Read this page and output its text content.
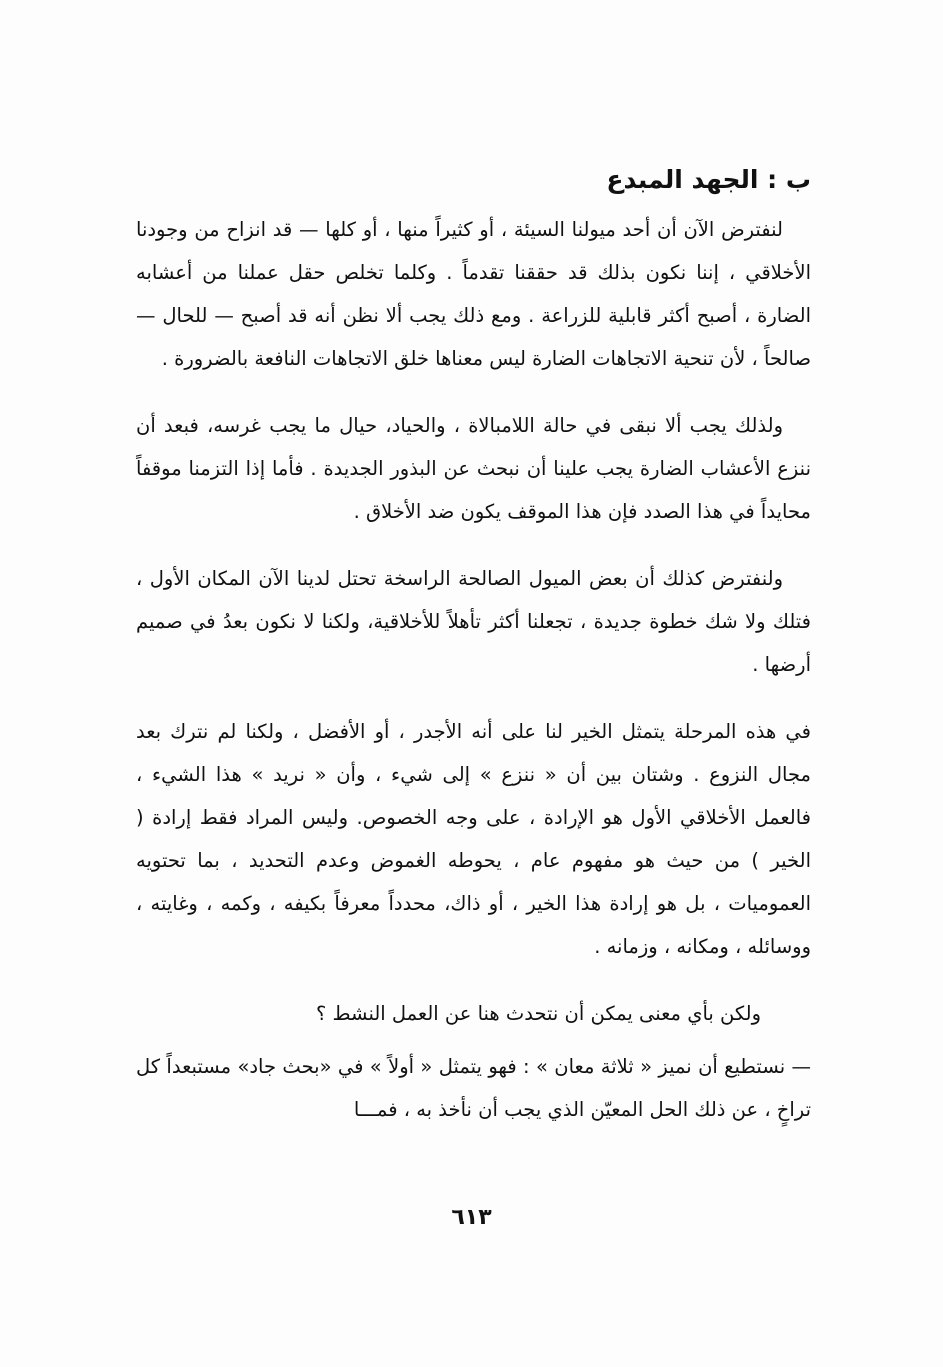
ب : الجهد المبدع

لنفترض الآن أن أحد ميولنا السيئة ، أو كثيراً منها ، أو كلها — قد انزاح من وجودنا الأخلاقي ، إننا نكون بذلك قد حققنا تقدماً . وكلما تخلص حقل عملنا من أعشابه الضارة ، أصبح أكثر قابلية للزراعة . ومع ذلك يجب ألا نظن أنه قد أصبح — للحال — صالحاً ، لأن تنحية الاتجاهات الضارة ليس معناها خلق الاتجاهات النافعة بالضرورة .

ولذلك يجب ألا نبقى في حالة اللامبالاة ، والحياد، حيال ما يجب غرسه، فبعد أن ننزع الأعشاب الضارة يجب علينا أن نبحث عن البذور الجديدة . فأما إذا التزمنا موقفاً محايداً في هذا الصدد فإن هذا الموقف يكون ضد الأخلاق .

ولنفترض كذلك أن بعض الميول الصالحة الراسخة تحتل لدينا الآن المكان الأول ، فتلك ولا شك خطوة جديدة ، تجعلنا أكثر تأهلاً للأخلاقية، ولكنا لا نكون بعدُ في صميم أرضها .

في هذه المرحلة يتمثل الخير لنا على أنه الأجدر ، أو الأفضل ، ولكنا لم نترك بعد مجال النزوع . وشتان بين أن « ننزع » إلى شيء ، وأن « نريد » هذا الشيء ، فالعمل الأخلاقي الأول هو الإرادة ، على وجه الخصوص. وليس المراد فقط إرادة ( الخير ) من حيث هو مفهوم عام ، يحوطه الغموض وعدم التحديد ، بما تحتويه العموميات ، بل هو إرادة هذا الخير ، أو ذاك، محدداً معرفاً بكيفه ، وكمه ، وغايته ، ووسائله ، ومكانه ، وزمانه .

ولكن بأي معنى يمكن أن نتحدث هنا عن العمل النشط ؟

— نستطيع أن نميز « ثلاثة معان » : فهو يتمثل « أولاً » في «بحث جاد» مستبعداً كل تراخٍ ، عن ذلك الحل المعيّن الذي يجب أن نأخذ به ، فمـــا

٦١٣
